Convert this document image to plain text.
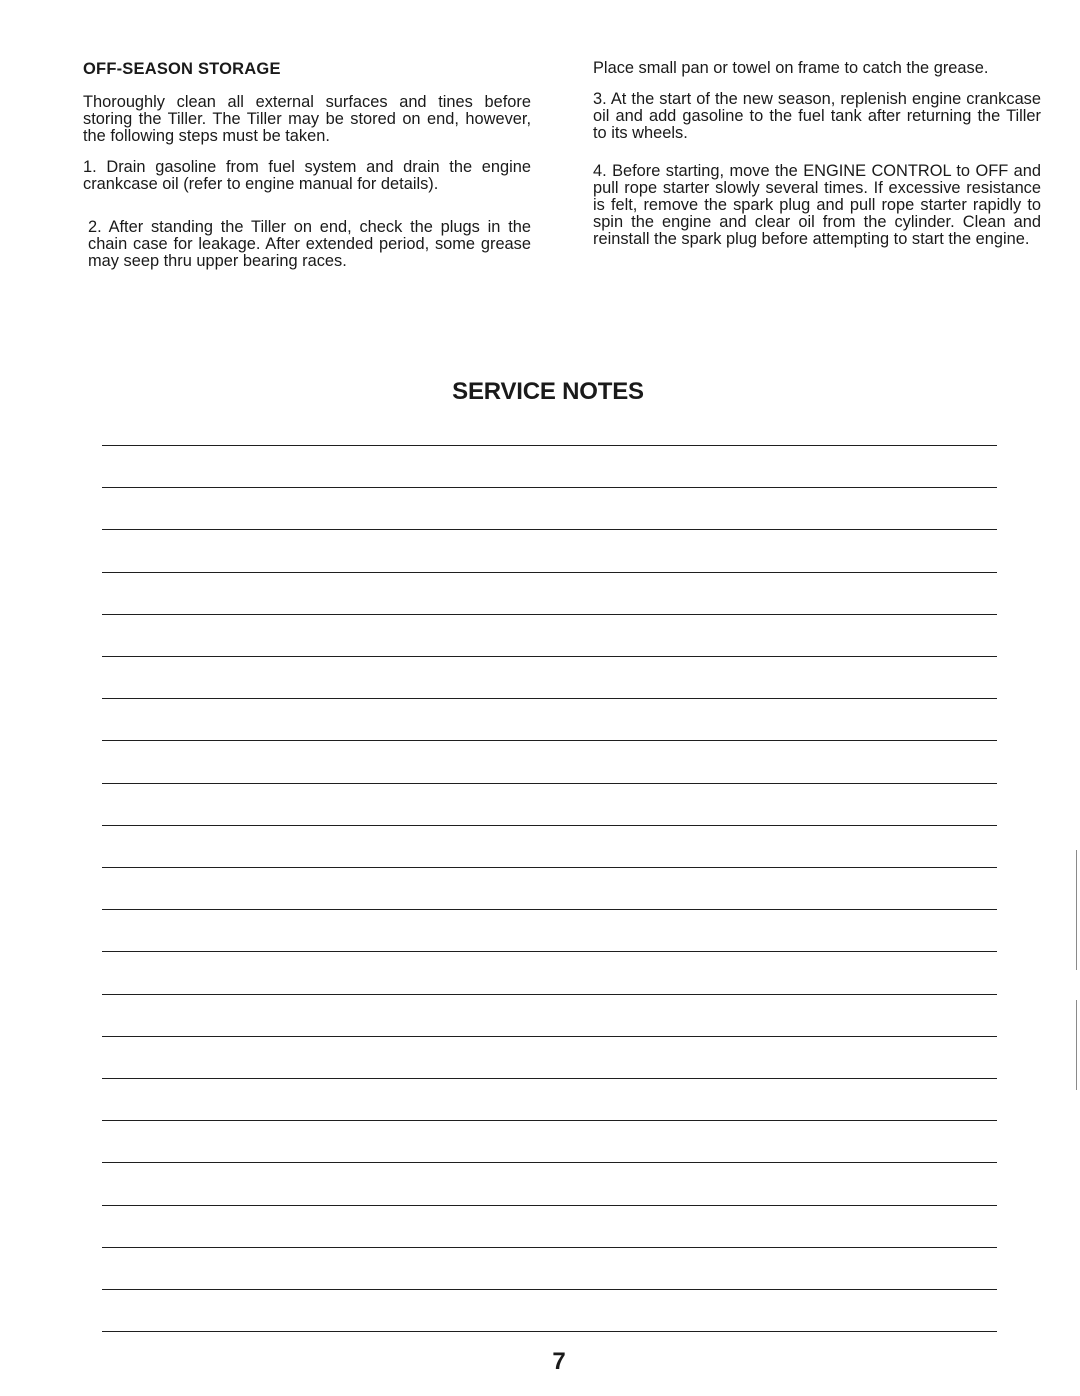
OFF-SEASON STORAGE

Thoroughly clean all external surfaces and tines before storing the Tiller. The Tiller may be stored on end, however, the following steps must be taken.

1. Drain gasoline from fuel system and drain the engine crankcase oil (refer to engine manual for details).

2. After standing the Tiller on end, check the plugs in the chain case for leakage. After extended period, some grease may seep thru upper bearing races.

Place small pan or towel on frame to catch the grease.

3. At the start of the new season, replenish engine crankcase oil and add gasoline to the fuel tank after returning the Tiller to its wheels.

4. Before starting, move the ENGINE CONTROL to OFF and pull rope starter slowly several times. If excessive resistance is felt, remove the spark plug and pull rope starter rapidly to spin the engine and clear oil from the cylinder. Clean and reinstall the spark plug before attempting to start the engine.

SERVICE NOTES
7
